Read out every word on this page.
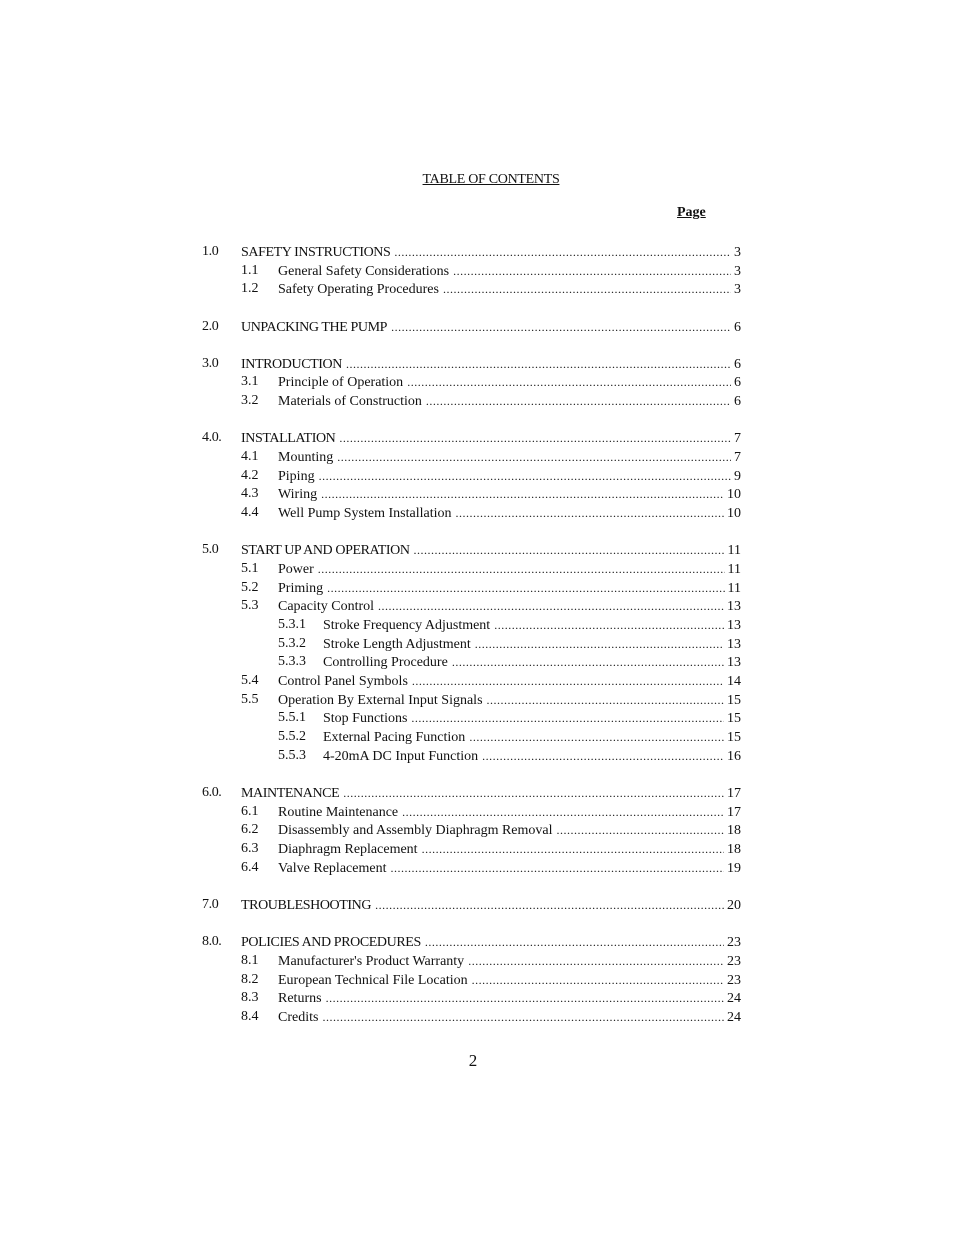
TABLE OF CONTENTS
Page
1.0 SAFETY INSTRUCTIONS .....	3
1.1 General Safety Considerations .....	3
1.2 Safety Operating Procedures .....	3
2.0 UNPACKING THE PUMP .....	6
3.0 INTRODUCTION .....	6
3.1 Principle of Operation .....	6
3.2 Materials of Construction .....	6
4.0. INSTALLATION .....	7
4.1 Mounting .....	7
4.2 Piping .....	9
4.3 Wiring .....	10
4.4 Well Pump System Installation .....	10
5.0 START UP AND OPERATION .....	11
5.1 Power .....	11
5.2 Priming .....	11
5.3 Capacity Control .....	13
5.3.1 Stroke Frequency Adjustment .....	13
5.3.2 Stroke Length Adjustment .....	13
5.3.3 Controlling Procedure .....	13
5.4 Control Panel Symbols .....	14
5.5 Operation By External Input Signals .....	15
5.5.1 Stop Functions .....	15
5.5.2 External Pacing Function .....	15
5.5.3 4-20mA DC Input Function .....	16
6.0. MAINTENANCE .....	17
6.1 Routine Maintenance .....	17
6.2 Disassembly and Assembly Diaphragm Removal .....	18
6.3 Diaphragm Replacement .....	18
6.4 Valve Replacement .....	19
7.0 TROUBLESHOOTING .....	20
8.0. POLICIES AND PROCEDURES .....	23
8.1 Manufacturer's Product Warranty .....	23
8.2 European Technical File Location .....	23
8.3 Returns .....	24
8.4 Credits .....	24
2
